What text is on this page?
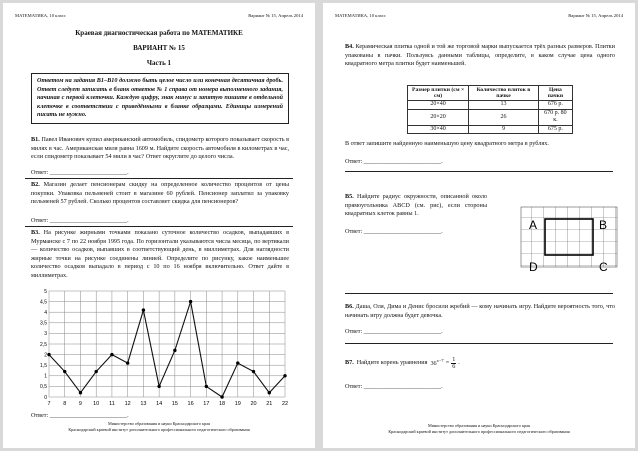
МАТЕМАТИКА, 10 класс	Вариант № 15, Апрель 2014
Краевая диагностическая работа по МАТЕМАТИКЕ
ВАРИАНТ № 15
Часть 1
Ответом на задания В1–В10 должно быть целое число или конечная десятичная дробь. Ответ следует записать в бланк ответов № 1 справа от номера выполненного задания, начиная с первой клеточки. Каждую цифру, знак минус и запятую пишите в отдельной клеточке в соответствии с приведёнными в бланке образцами. Единицы измерений писать не нужно.
В1. Павел Иванович купил американский автомобиль, спидометр которого показывает скорость в милях в час. Американская миля равна 1609 м. Найдите скорость автомобиля в километрах в час, если спидометр показывает 54 мили в час? Ответ округлите до целого числа.
Ответ: _________________________.
В2. Магазин делает пенсионерам скидку на определенное количество процентов от цены покупки. Упаковка пельменей стоит в магазине 60 рублей. Пенсионер заплатил за упаковку пельменей 57 рублей. Сколько процентов составляет скидка для пенсионеров?
Ответ: _________________________.
В3. На рисунке жирными точками показано суточное количество осадков, выпадавших в Мурманске с 7 по 22 ноября 1995 года. По горизонтали указываются числа месяца, по вертикали — количество осадков, выпавших в соответствующий день, в миллиметрах. Для наглядности жирные точки на рисунке соединены линией. Определите по рисунку, какое наименьшее количество осадков выпадало в период с 10 по 16 ноября включительно. Ответ дайте в миллиметрах.
0
0,5
1
1,5
2
2,5
3
3,5
4
4,5
5
7 8 9 10 11 12 13 14 15 16 17 18 19 20 21 22
Ответ: _________________________.
Министерство образования и науки Краснодарского края
Краснодарский краевой институт дополнительного профессионального педагогического образования
МАТЕМАТИКА, 10 класс	Вариант № 15, Апрель 2014
В4. Керамическая плитка одной и той же торговой марки выпускается трёх разных размеров. Плитки упакованы в пачки. Пользуясь данными таблицы, определите, в каком случае цена одного квадратного метра плитки будет наименьшей.
Размер плитки (см × см)	Количество плиток в пачке	Цена пачки
20×40	13	676 р.
20×20	26	670 р. 80 к.
30×40	9	675 р.
В ответ запишите найденную наименьшую цену квадратного метра в рублях.
Ответ: _________________________.
В5. Найдите радиус окружности, описанной около прямоугольника ABCD (см. рис), если стороны квадратных клеток равны 1.
Ответ: _________________________.	A	B
C
D
В6. Даша, Оля, Дима и Денис бросили жребий — кому начинать игру. Найдите вероятность того, что начинать игру должна будет девочка.
Ответ: _________________________.
В7. Найдите корень уравнения $36^{x-7} = \frac{1}{6}$ .
Ответ: _________________________.
Министерство образования и науки Краснодарского края
Краснодарский краевой институт дополнительного профессионального педагогического образования
